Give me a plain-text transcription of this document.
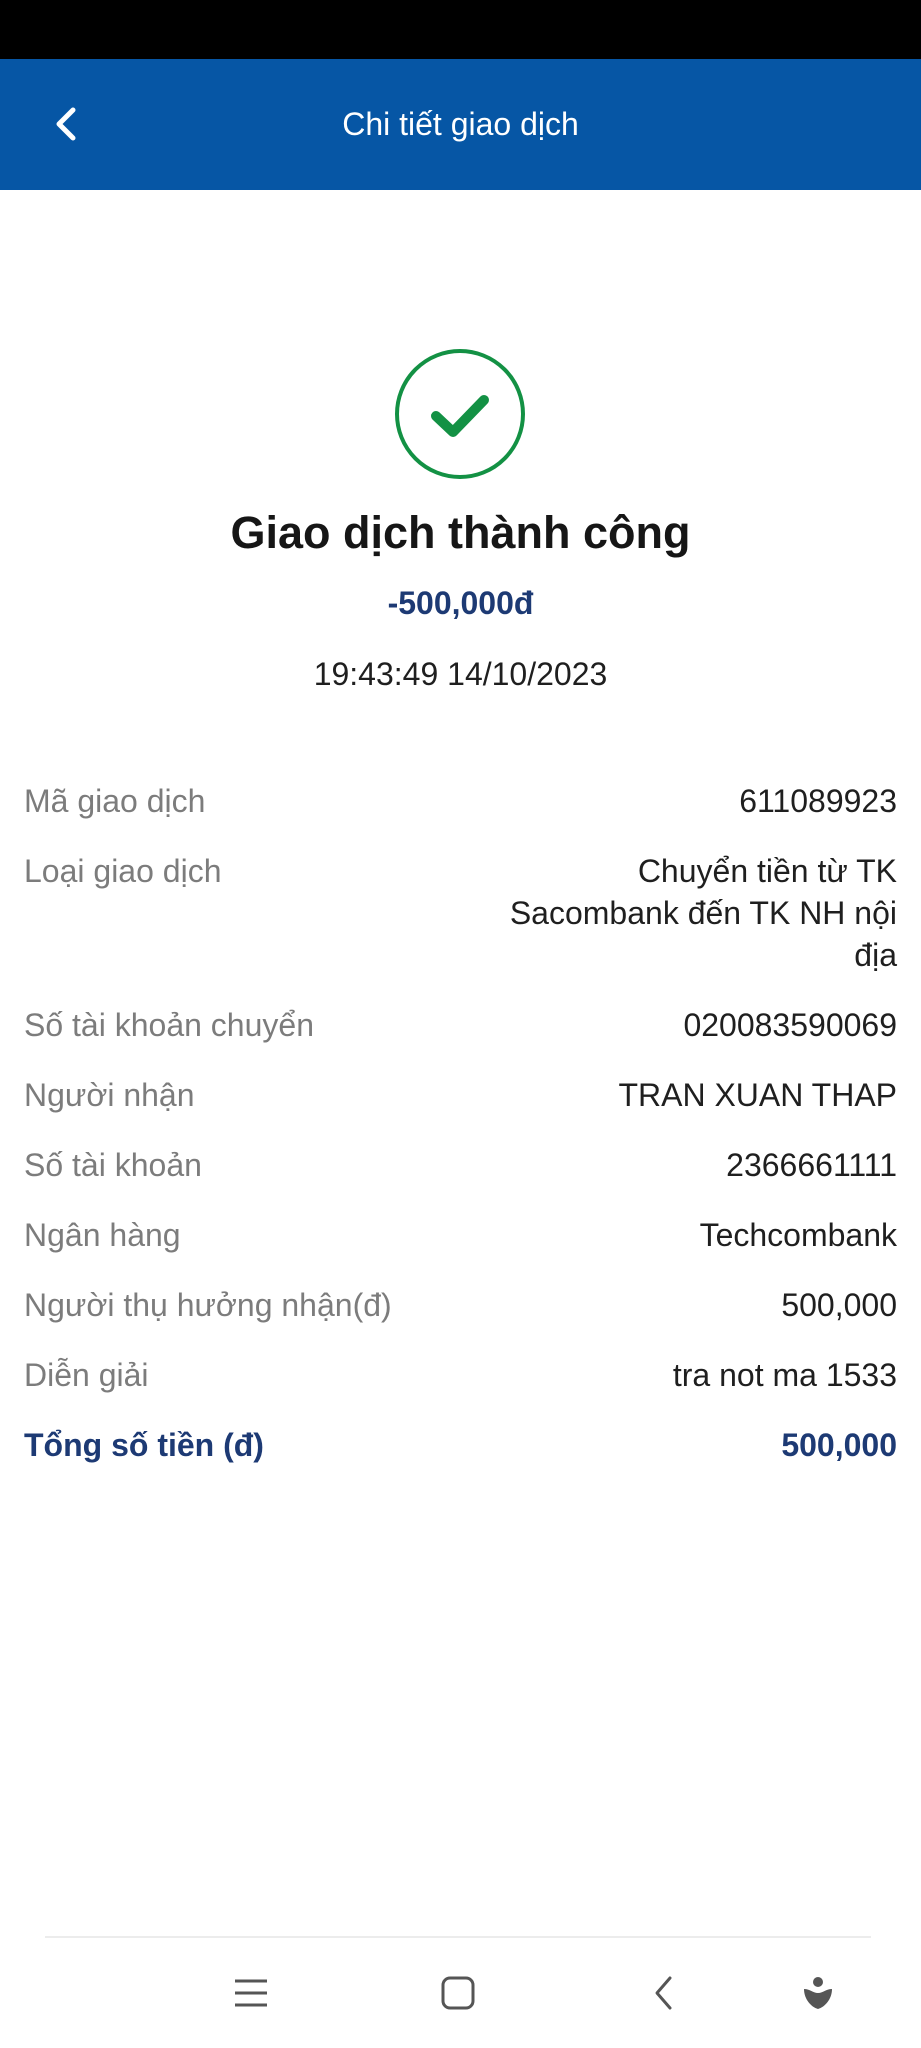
Chi tiết giao dịch
Giao dịch thành công
-500,000đ
19:43:49 14/10/2023
Mã giao dịch	611089923
Loại giao dịch	Chuyển tiền từ TK Sacombank đến TK NH nội địa
Số tài khoản chuyển	020083590069
Người nhận	TRAN XUAN THAP
Số tài khoản	2366661111
Ngân hàng	Techcombank
Người thụ hưởng nhận(đ)	500,000
Diễn giải	tra not ma 1533
Tổng số tiền (đ)	500,000
